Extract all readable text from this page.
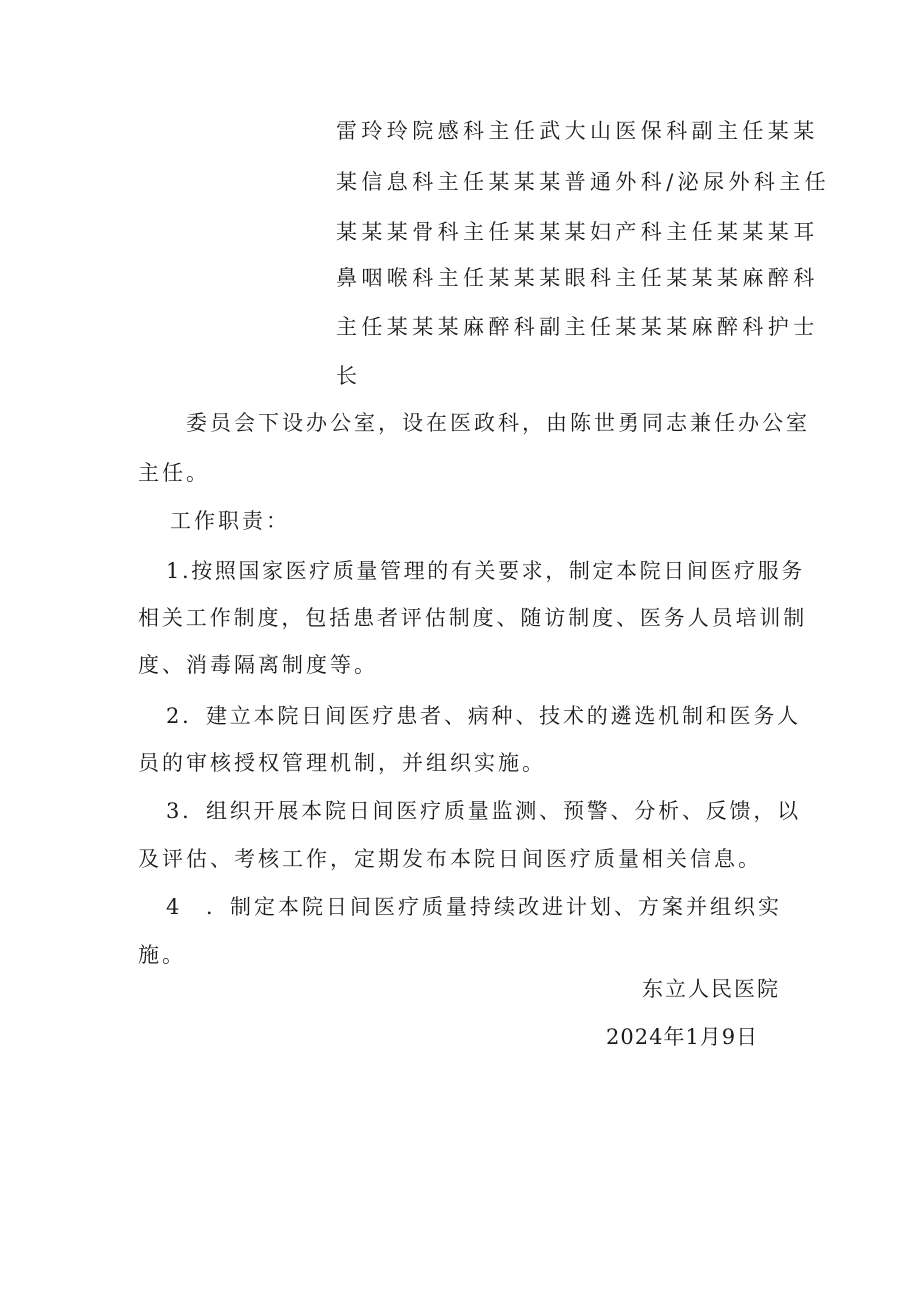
雷玲玲院感科主任武大山医保科副主任某某
某信息科主任某某某普通外科/泌尿外科主任
某某某骨科主任某某某妇产科主任某某某耳
鼻咽喉科主任某某某眼科主任某某某麻醉科
主任某某某麻醉科副主任某某某麻醉科护士
长
委员会下设办公室，设在医政科，由陈世勇同志兼任办公室
主任。
工作职责：
1.按照国家医疗质量管理的有关要求，制定本院日间医疗服务
相关工作制度，包括患者评估制度、随访制度、医务人员培训制
度、消毒隔离制度等。
2．建立本院日间医疗患者、病种、技术的遴选机制和医务人
员的审核授权管理机制，并组织实施。
3．组织开展本院日间医疗质量监测、预警、分析、反馈，以
及评估、考核工作，定期发布本院日间医疗质量相关信息。
4 ．制定本院日间医疗质量持续改进计划、方案并组织实
施。
东立人民医院
2024年1月9日
